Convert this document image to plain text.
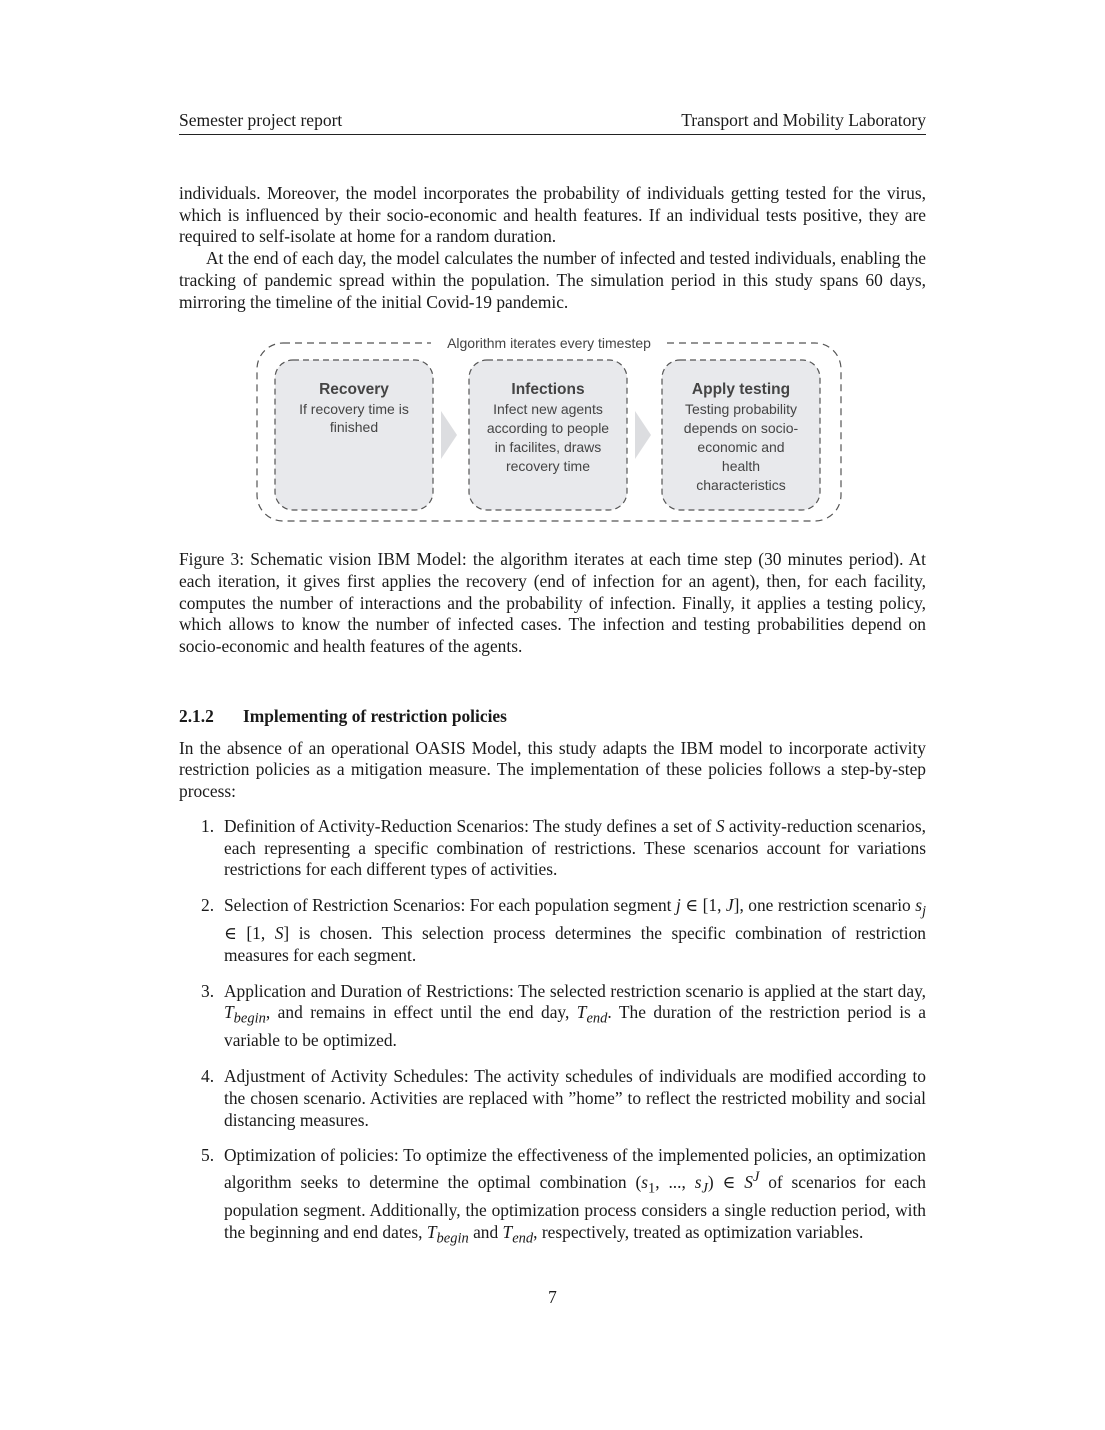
Semester project report	Transport and Mobility Laboratory

individuals. Moreover, the model incorporates the probability of individuals getting tested for the virus, which is influenced by their socio-economic and health features. If an individual tests positive, they are required to self-isolate at home for a random duration.

At the end of each day, the model calculates the number of infected and tested individuals, enabling the tracking of pandemic spread within the population. The simulation period in this study spans 60 days, mirroring the timeline of the initial Covid-19 pandemic.

Algorithm iterates every timestep
Recovery
If recovery time is
finished
Infections
Infect new agents
according to people
in facilites, draws
recovery time
Apply testing
Testing probability
depends on socio-
economic and
health
characteristics

Figure 3: Schematic vision IBM Model: the algorithm iterates at each time step (30 minutes period). At each iteration, it gives first applies the recovery (end of infection for an agent), then, for each facility, computes the number of interactions and the probability of infection. Finally, it applies a testing policy, which allows to know the number of infected cases. The infection and testing probabilities depend on socio-economic and health features of the agents.

2.1.2 Implementing of restriction policies

In the absence of an operational OASIS Model, this study adapts the IBM model to incorporate activity restriction policies as a mitigation measure. The implementation of these policies follows a step-by-step process:

1. Definition of Activity-Reduction Scenarios: The study defines a set of S activity-reduction scenarios, each representing a specific combination of restrictions. These scenarios account for variations restrictions for each different types of activities.

2. Selection of Restriction Scenarios: For each population segment j ∈ [1, J], one restriction scenario $s_j$ ∈ [1, S] is chosen. This selection process determines the specific combination of restriction measures for each segment.

3. Application and Duration of Restrictions: The selected restriction scenario is applied at the start day, $T_{begin}$, and remains in effect until the end day, $T_{end}$. The duration of the restriction period is a variable to be optimized.

4. Adjustment of Activity Schedules: The activity schedules of individuals are modified according to the chosen scenario. Activities are replaced with ”home” to reflect the restricted mobility and social distancing measures.

5. Optimization of policies: To optimize the effectiveness of the implemented policies, an optimization algorithm seeks to determine the optimal combination ($s_1$, ..., $s_J$) ∈ $S^J$ of scenarios for each population segment. Additionally, the optimization process considers a single reduction period, with the beginning and end dates, $T_{begin}$ and $T_{end}$, respectively, treated as optimization variables.

7
